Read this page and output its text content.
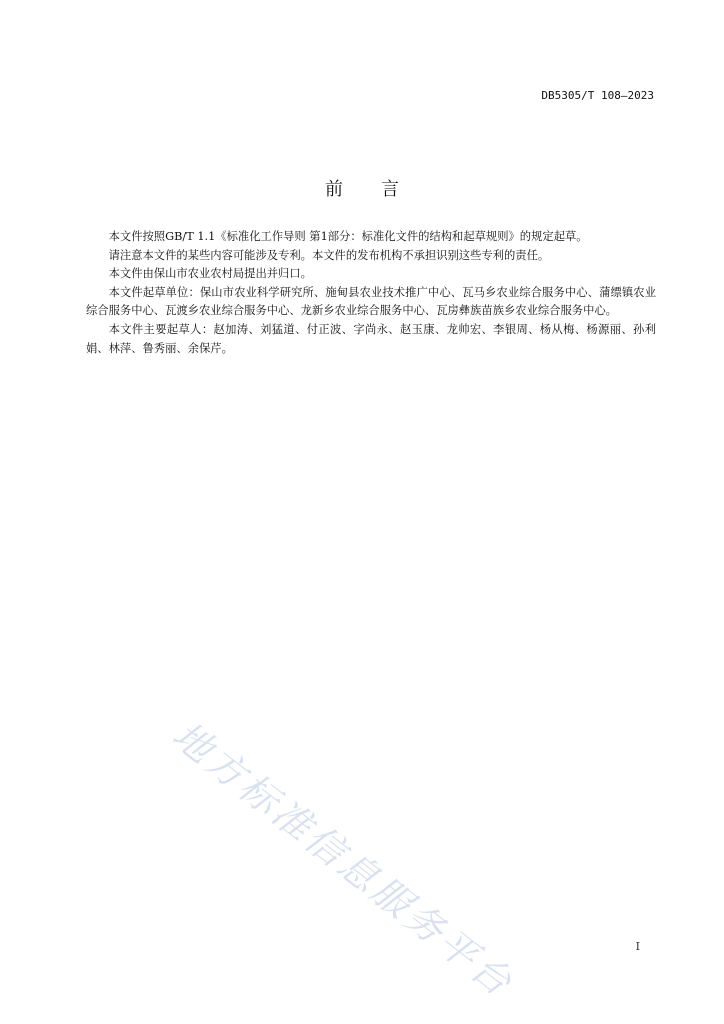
DB5305/T 108—2023
前言

本文件按照GB/T 1.1《标准化工作导则 第1部分：标准化文件的结构和起草规则》的规定起草。

请注意本文件的某些内容可能涉及专利。本文件的发布机构不承担识别这些专利的责任。

本文件由保山市农业农村局提出并归口。

本文件起草单位：保山市农业科学研究所、施甸县农业技术推广中心、瓦马乡农业综合服务中心、蒲缥镇农业综合服务中心、瓦渡乡农业综合服务中心、龙新乡农业综合服务中心、瓦房彝族苗族乡农业综合服务中心。

本文件主要起草人：赵加涛、刘猛道、付正波、字尚永、赵玉康、龙帅宏、李银周、杨从梅、杨源丽、孙利娟、林萍、鲁秀丽、余保芹。

地方标准信息服务平台	I
